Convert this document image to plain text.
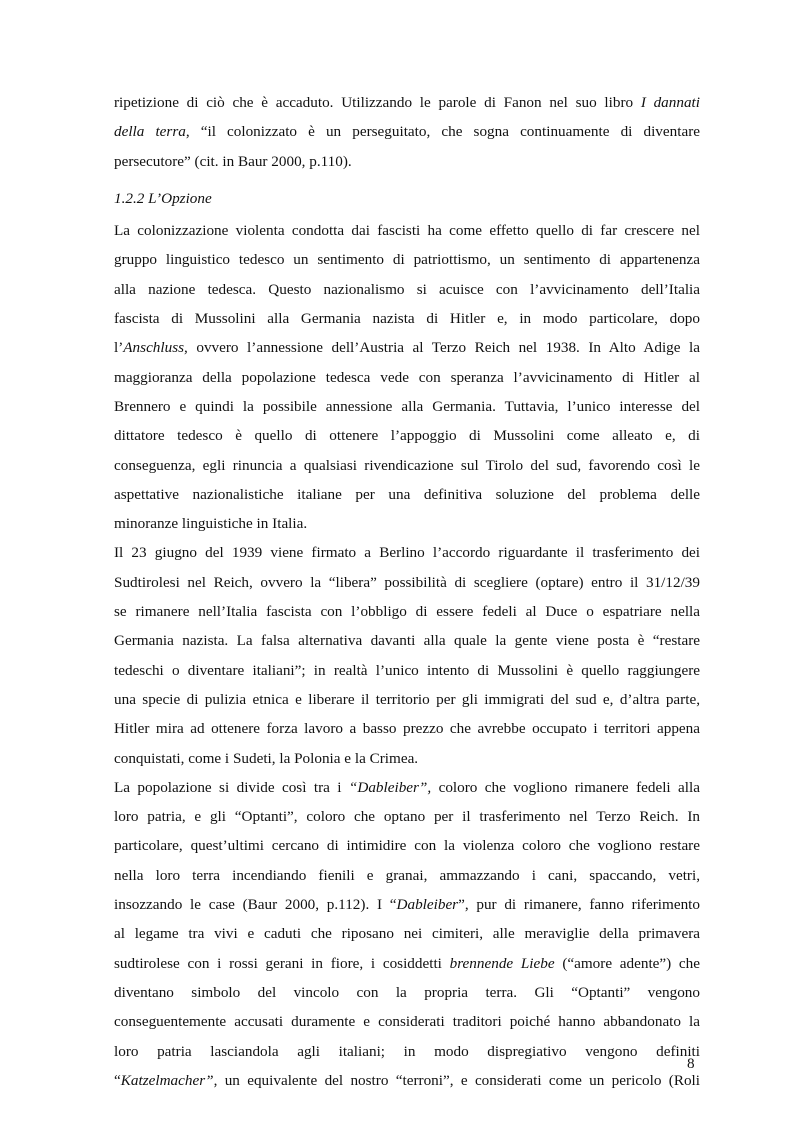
ripetizione di ciò che è accaduto. Utilizzando le parole di Fanon nel suo libro I dannati
della terra, “il colonizzato è un perseguitato, che sogna continuamente di diventare
persecutore” (cit. in Baur 2000, p.110).
1.2.2 L’Opzione
La colonizzazione violenta condotta dai fascisti ha come effetto quello di far crescere nel
gruppo linguistico tedesco un sentimento di patriottismo, un sentimento di appartenenza
alla nazione tedesca. Questo nazionalismo si acuisce con l’avvicinamento dell’Italia
fascista di Mussolini alla Germania nazista di Hitler e, in modo particolare, dopo
l’Anschluss, ovvero l’annessione dell’Austria al Terzo Reich nel 1938. In Alto Adige la
maggioranza della popolazione tedesca vede con speranza l’avvicinamento di Hitler al
Brennero e quindi la possibile annessione alla Germania. Tuttavia, l’unico interesse del
dittatore tedesco è quello di ottenere l’appoggio di Mussolini come alleato e, di
conseguenza, egli rinuncia a qualsiasi rivendicazione sul Tirolo del sud, favorendo così le
aspettative nazionalistiche italiane per una definitiva soluzione del problema delle
minoranze linguistiche in Italia.
Il 23 giugno del 1939 viene firmato a Berlino l’accordo riguardante il trasferimento dei
Sudtirolesi nel Reich, ovvero la “libera” possibilità di scegliere (optare) entro il 31/12/39
se rimanere nell’Italia fascista con l’obbligo di essere fedeli al Duce o espatriare nella
Germania nazista. La falsa alternativa davanti alla quale la gente viene posta è “restare
tedeschi o diventare italiani”; in realtà l’unico intento di Mussolini è quello raggiungere
una specie di pulizia etnica e liberare il territorio per gli immigrati del sud e, d’altra parte,
Hitler mira ad ottenere forza lavoro a basso prezzo che avrebbe occupato i territori appena
conquistati, come i Sudeti, la Polonia e la Crimea.
La popolazione si divide così tra i “Dableiber”, coloro che vogliono rimanere fedeli alla
loro patria, e gli “Optanti”, coloro che optano per il trasferimento nel Terzo Reich. In
particolare, quest’ultimi cercano di intimidire con la violenza coloro che vogliono restare
nella loro terra incendiando fienili e granai, ammazzando i cani, spaccando, vetri,
insozzando le case (Baur 2000, p.112). I “Dableiber”, pur di rimanere, fanno riferimento
al legame tra vivi e caduti che riposano nei cimiteri, alle meraviglie della primavera
sudtirolese con i rossi gerani in fiore, i cosiddetti brennende Liebe (“amore adente”) che
diventano simbolo del vincolo con la propria terra. Gli “Optanti” vengono
conseguentemente accusati duramente e considerati traditori poiché hanno abbandonato la
loro patria lasciandola agli italiani; in modo dispregiativo vengono definiti
“Katzelmacher”, un equivalente del nostro “terroni”, e considerati come un pericolo (Roli
8
